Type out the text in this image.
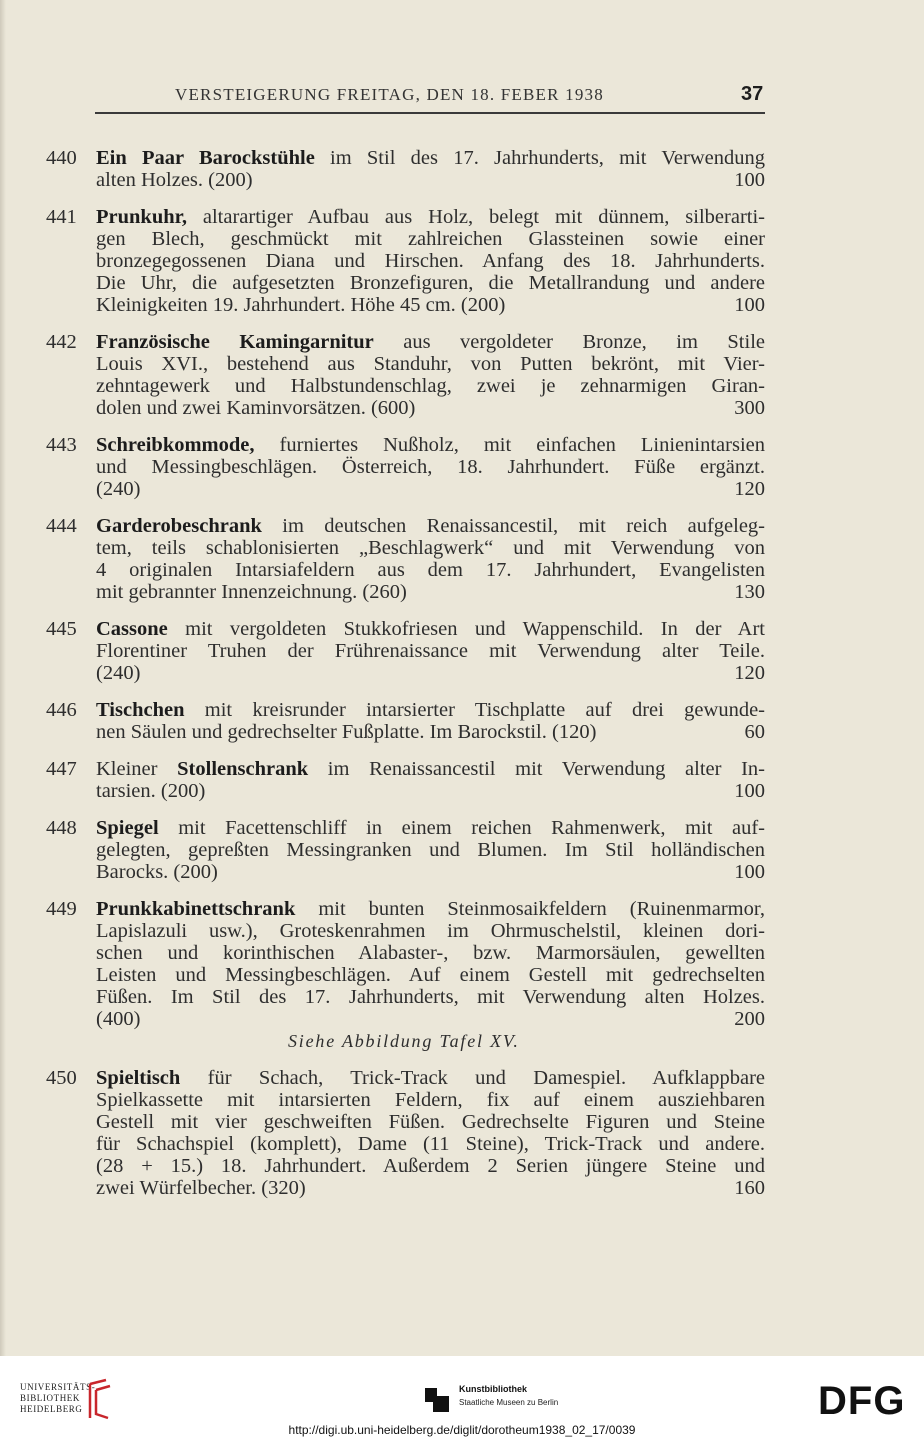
VERSTEIGERUNG FREITAG, DEN 18. FEBER 1938	37
440 Ein Paar Barockstühle im Stil des 17. Jahrhunderts, mit Verwendung
alten Holzes. (200)	100
441 Prunkuhr, altarartiger Aufbau aus Holz, belegt mit dünnem, silberarti-
gen Blech, geschmückt mit zahlreichen Glassteinen sowie einer
bronzegegossenen Diana und Hirschen. Anfang des 18. Jahrhunderts.
Die Uhr, die aufgesetzten Bronzefiguren, die Metallrandung und andere
Kleinigkeiten 19. Jahrhundert. Höhe 45 cm. (200)	100
442 Französische Kamingarnitur aus vergoldeter Bronze, im Stile
Louis XVI., bestehend aus Standuhr, von Putten bekrönt, mit Vier-
zehntagewerk und Halbstundenschlag, zwei je zehnarmigen Giran-
dolen und zwei Kaminvorsätzen. (600)	300
443 Schreibkommode, furniertes Nußholz, mit einfachen Linienintarsien
und Messingbeschlägen. Österreich, 18. Jahrhundert. Füße ergänzt.
(240)	120
444 Garderobeschrank im deutschen Renaissancestil, mit reich aufgeleg-
tem, teils schablonisierten „Beschlagwerk“ und mit Verwendung von
4 originalen Intarsiafeldern aus dem 17. Jahrhundert, Evangelisten
mit gebrannter Innenzeichnung. (260)	130
445 Cassone mit vergoldeten Stukkofriesen und Wappenschild. In der Art
Florentiner Truhen der Frührenaissance mit Verwendung alter Teile.
(240)	120
446 Tischchen mit kreisrunder intarsierter Tischplatte auf drei gewunde-
nen Säulen und gedrechselter Fußplatte. Im Barockstil. (120)	60
447 Kleiner Stollenschrank im Renaissancestil mit Verwendung alter In-
tarsien. (200)	100
448 Spiegel mit Facettenschliff in einem reichen Rahmenwerk, mit auf-
gelegten, gepreßten Messingranken und Blumen. Im Stil holländischen
Barocks. (200)	100
449 Prunkkabinettschrank mit bunten Steinmosaikfeldern (Ruinenmarmor,
Lapislazuli usw.), Groteskenrahmen im Ohrmuschelstil, kleinen dori-
schen und korinthischen Alabaster-, bzw. Marmorsäulen, gewellten
Leisten und Messingbeschlägen. Auf einem Gestell mit gedrechselten
Füßen. Im Stil des 17. Jahrhunderts, mit Verwendung alten Holzes.
(400)	200
Siehe Abbildung Tafel XV.
450 Spieltisch für Schach, Trick-Track und Damespiel. Aufklappbare
Spielkassette mit intarsierten Feldern, fix auf einem ausziehbaren
Gestell mit vier geschweiften Füßen. Gedrechselte Figuren und Steine
für Schachspiel (komplett), Dame (11 Steine), Trick-Track und andere.
(28 + 15.) 18. Jahrhundert. Außerdem 2 Serien jüngere Steine und
zwei Würfelbecher. (320)	160
UNIVERSITÄTS-
BIBLIOTHEK
HEIDELBERG
Kunstbibliothek
Staatliche Museen zu Berlin	DFG
http://digi.ub.uni-heidelberg.de/diglit/dorotheum1938_02_17/0039
